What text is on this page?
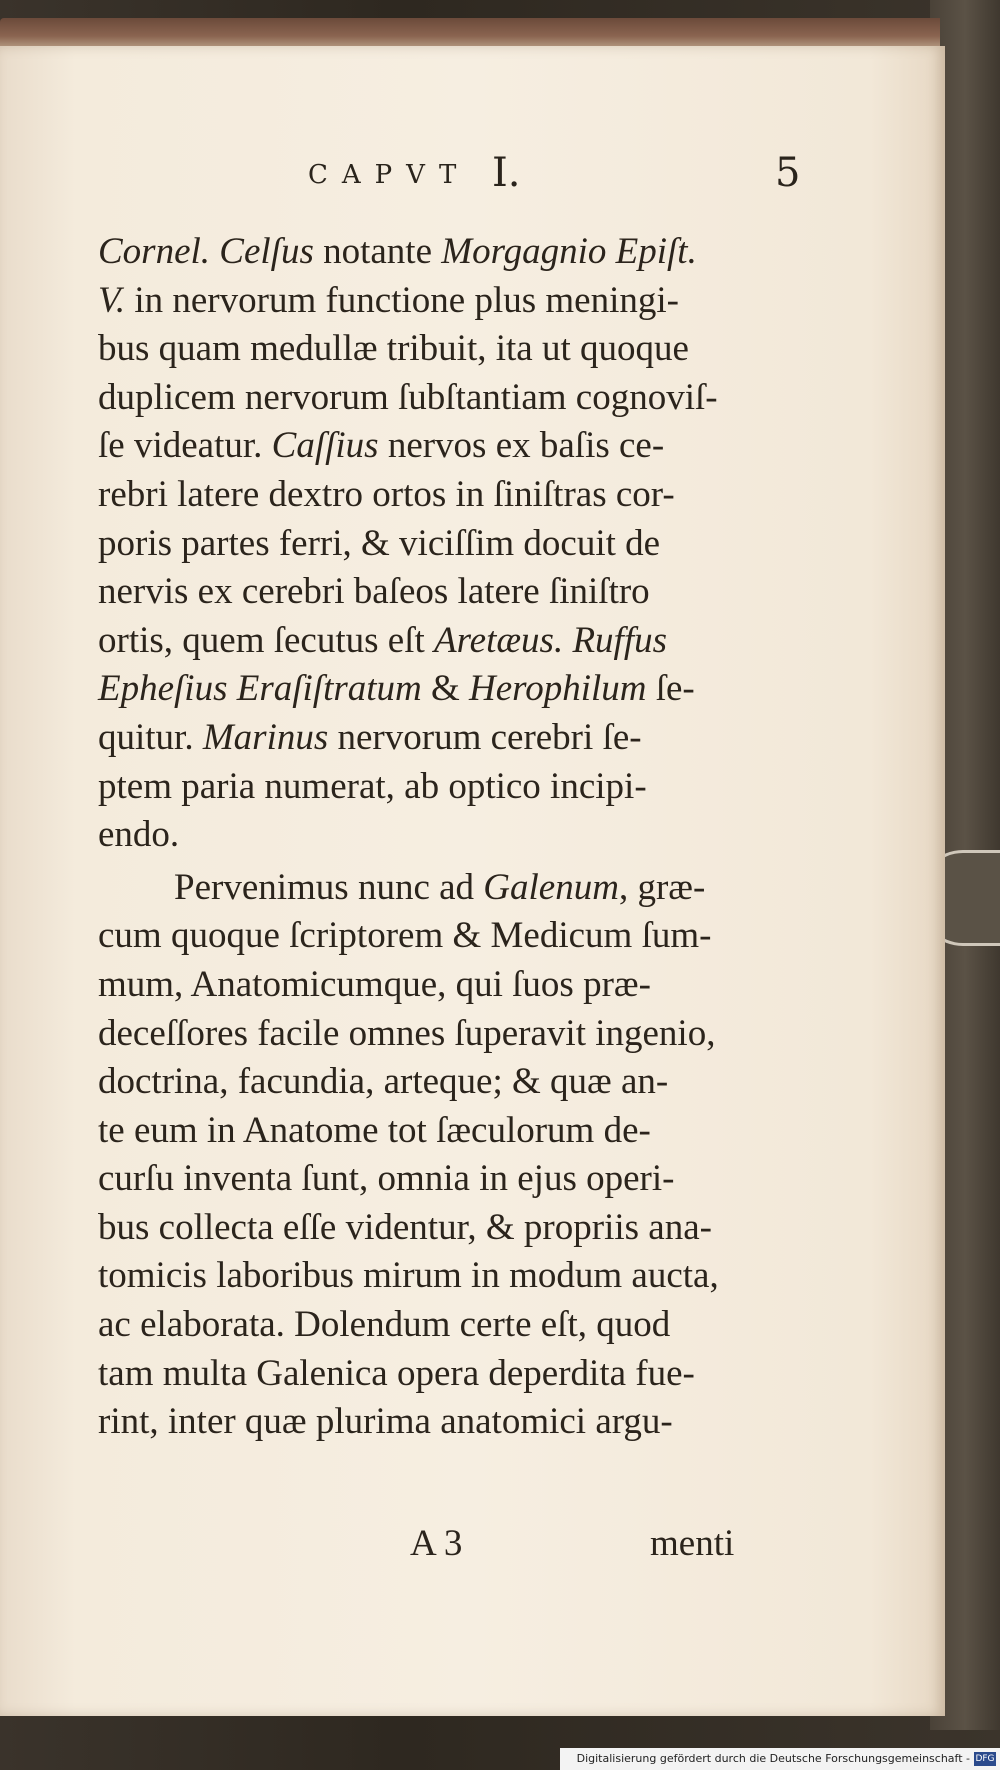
CAPVT I.	5
Cornel. Celſus notante Morgagnio Epiſt.
V. in nervorum functione plus meningi-
bus quam medullæ tribuit, ita ut quoque
duplicem nervorum ſubſtantiam cognoviſ-
ſe videatur. Caſſius nervos ex baſis ce-
rebri latere dextro ortos in ſiniſtras cor-
poris partes ferri, & viciſſim docuit de
nervis ex cerebri baſeos latere ſiniſtro
ortis, quem ſecutus eſt Aretæus. Ruffus
Epheſius Eraſiſtratum & Herophilum ſe-
quitur. Marinus nervorum cerebri ſe-
ptem paria numerat, ab optico incipi-
endo.
Pervenimus nunc ad Galenum, græ-
cum quoque ſcriptorem & Medicum ſum-
mum, Anatomicumque, qui ſuos præ-
deceſſores facile omnes ſuperavit ingenio,
doctrina, facundia, arteque; & quæ an-
te eum in Anatome tot ſæculorum de-
curſu inventa ſunt, omnia in ejus operi-
bus collecta eſſe videntur, & propriis ana-
tomicis laboribus mirum in modum aucta,
ac elaborata. Dolendum certe eſt, quod
tam multa Galenica opera deperdita fue-
rint, inter quæ plurima anatomici argu-
A 3	menti
Digitalisierung gefördert durch die Deutsche Forschungsgemeinschaft - DFG
